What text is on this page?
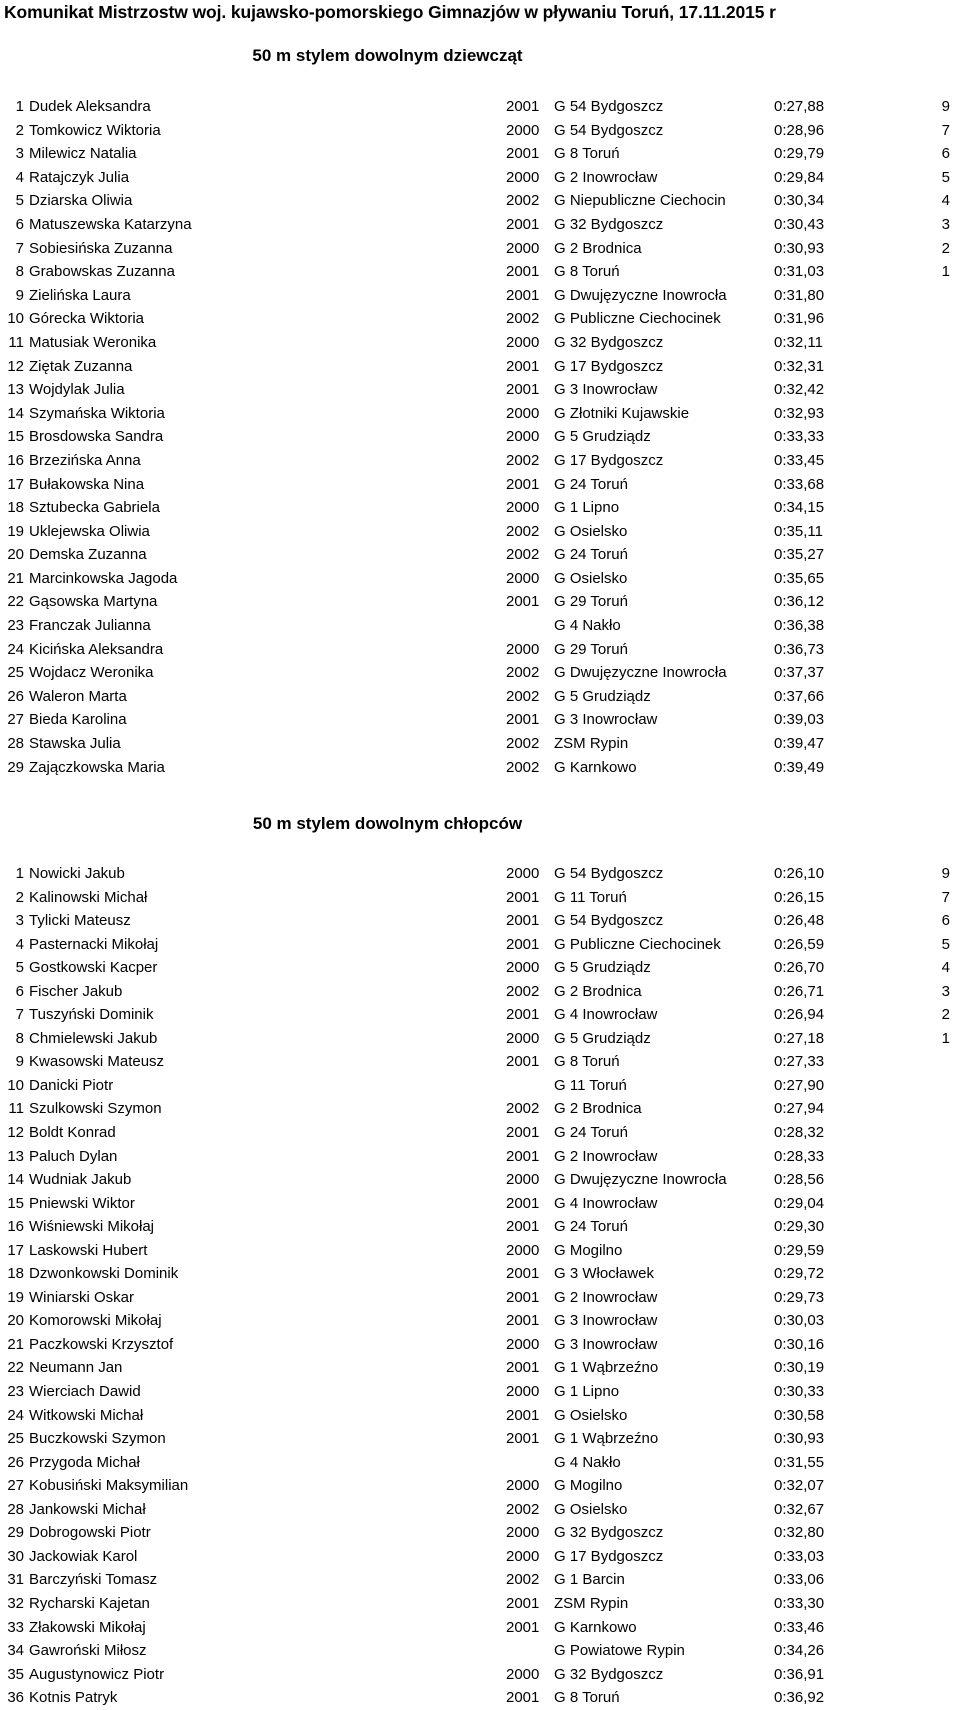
Komunikat Mistrzostw woj. kujawsko-pomorskiego Gimnazjów w pływaniu Toruń, 17.11.2015 r
50 m stylem dowolnym dziewcząt
1 Dudek Aleksandra	2001 G 54 Bydgoszcz	0:27,88	9
2 Tomkowicz Wiktoria	2000 G 54 Bydgoszcz	0:28,96	7
3 Milewicz Natalia	2001 G 8 Toruń	0:29,79	6
4 Ratajczyk Julia	2000 G 2 Inowrocław	0:29,84	5
5 Dziarska Oliwia	2002 G Niepubliczne Ciechocin	0:30,34	4
6 Matuszewska Katarzyna	2001 G 32 Bydgoszcz	0:30,43	3
7 Sobiesińska Zuzanna	2000 G 2 Brodnica	0:30,93	2
8 Grabowskas Zuzanna	2001 G 8 Toruń	0:31,03	1
9 Zielińska Laura	2001 G Dwujęzyczne Inowrocła	0:31,80
10 Górecka Wiktoria	2002 G Publiczne Ciechocinek	0:31,96
11 Matusiak Weronika	2000 G 32 Bydgoszcz	0:32,11
12 Ziętak Zuzanna	2001 G 17 Bydgoszcz	0:32,31
13 Wojdylak Julia	2001 G 3 Inowrocław	0:32,42
14 Szymańska Wiktoria	2000 G Złotniki Kujawskie	0:32,93
15 Brosdowska Sandra	2000 G 5 Grudziądz	0:33,33
16 Brzezińska Anna	2002 G 17 Bydgoszcz	0:33,45
17 Bułakowska Nina	2001 G 24 Toruń	0:33,68
18 Sztubecka Gabriela	2000 G 1 Lipno	0:34,15
19 Uklejewska Oliwia	2002 G Osielsko	0:35,11
20 Demska Zuzanna	2002 G 24 Toruń	0:35,27
21 Marcinkowska Jagoda	2000 G Osielsko	0:35,65
22 Gąsowska Martyna	2001 G 29 Toruń	0:36,12
23 Franczak Julianna	G 4 Nakło	0:36,38
24 Kicińska Aleksandra	2000 G 29 Toruń	0:36,73
25 Wojdacz Weronika	2002 G Dwujęzyczne Inowrocła	0:37,37
26 Waleron Marta	2002 G 5 Grudziądz	0:37,66
27 Bieda Karolina	2001 G 3 Inowrocław	0:39,03
28 Stawska Julia	2002 ZSM Rypin	0:39,47
29 Zajączkowska Maria	2002 G Karnkowo	0:39,49
50 m stylem dowolnym chłopców
1 Nowicki Jakub	2000 G 54 Bydgoszcz	0:26,10	9
2 Kalinowski Michał	2001 G 11 Toruń	0:26,15	7
3 Tylicki Mateusz	2001 G 54 Bydgoszcz	0:26,48	6
4 Pasternacki Mikołaj	2001 G Publiczne Ciechocinek	0:26,59	5
5 Gostkowski Kacper	2000 G 5 Grudziądz	0:26,70	4
6 Fischer Jakub	2002 G 2 Brodnica	0:26,71	3
7 Tuszyński Dominik	2001 G 4 Inowrocław	0:26,94	2
8 Chmielewski Jakub	2000 G 5 Grudziądz	0:27,18	1
9 Kwasowski Mateusz	2001 G 8 Toruń	0:27,33
10 Danicki Piotr	G 11 Toruń	0:27,90
11 Szulkowski Szymon	2002 G 2 Brodnica	0:27,94
12 Boldt Konrad	2001 G 24 Toruń	0:28,32
13 Paluch Dylan	2001 G 2 Inowrocław	0:28,33
14 Wudniak Jakub	2000 G Dwujęzyczne Inowrocła	0:28,56
15 Pniewski Wiktor	2001 G 4 Inowrocław	0:29,04
16 Wiśniewski Mikołaj	2001 G 24 Toruń	0:29,30
17 Laskowski Hubert	2000 G Mogilno	0:29,59
18 Dzwonkowski Dominik	2001 G 3 Włocławek	0:29,72
19 Winiarski Oskar	2001 G 2 Inowrocław	0:29,73
20 Komorowski Mikołaj	2001 G 3 Inowrocław	0:30,03
21 Paczkowski Krzysztof	2000 G 3 Inowrocław	0:30,16
22 Neumann Jan	2001 G 1 Wąbrzeźno	0:30,19
23 Wierciach Dawid	2000 G 1 Lipno	0:30,33
24 Witkowski Michał	2001 G Osielsko	0:30,58
25 Buczkowski Szymon	2001 G 1 Wąbrzeźno	0:30,93
26 Przygoda Michał	G 4 Nakło	0:31,55
27 Kobusiński Maksymilian	2000 G Mogilno	0:32,07
28 Jankowski Michał	2002 G Osielsko	0:32,67
29 Dobrogowski Piotr	2000 G 32 Bydgoszcz	0:32,80
30 Jackowiak Karol	2000 G 17 Bydgoszcz	0:33,03
31 Barczyński Tomasz	2002 G 1 Barcin	0:33,06
32 Rycharski Kajetan	2001 ZSM Rypin	0:33,30
33 Złakowski Mikołaj	2001 G Karnkowo	0:33,46
34 Gawroński Miłosz	G Powiatowe Rypin	0:34,26
35 Augustynowicz Piotr	2000 G 32 Bydgoszcz	0:36,91
36 Kotnis Patryk	2001 G 8 Toruń	0:36,92
